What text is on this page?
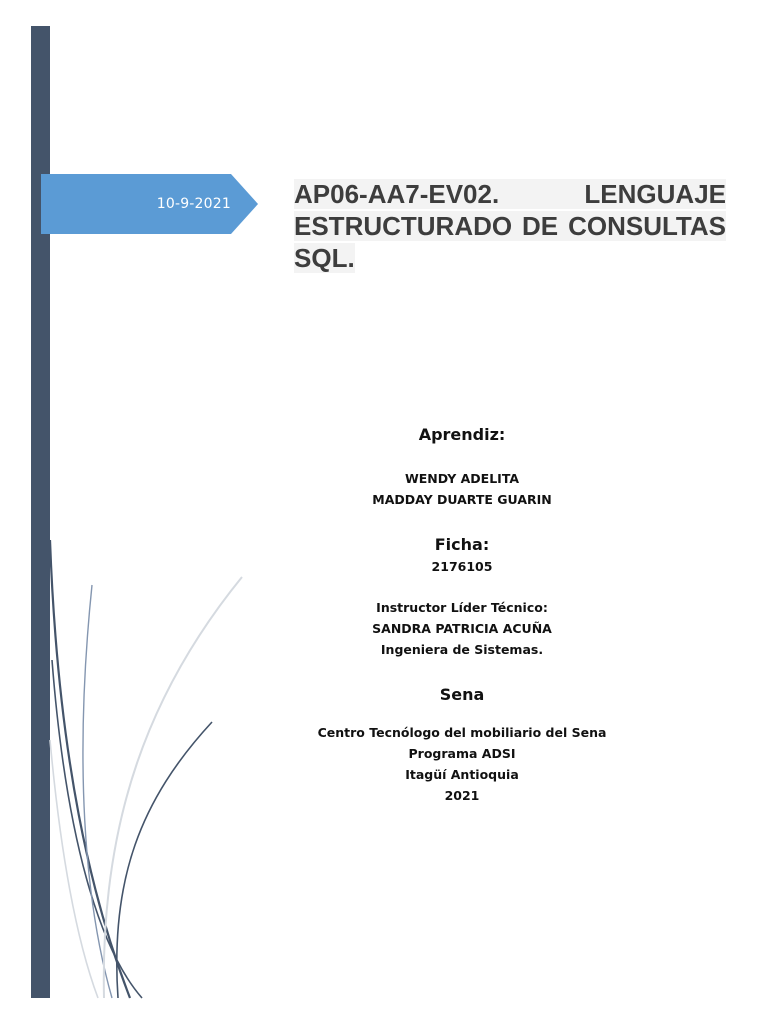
10-9-2021 AP06-AA7-EV02. LENGUAJE ESTRUCTURADO DE CONSULTAS SQL.
Aprendiz:
WENDY ADELITA
MADDAY DUARTE GUARIN
Ficha:
2176105
Instructor Líder Técnico:
SANDRA PATRICIA ACUÑA
Ingeniera de Sistemas.
Sena
Centro Tecnólogo del mobiliario del Sena
Programa ADSI
Itagüí Antioquia
2021
